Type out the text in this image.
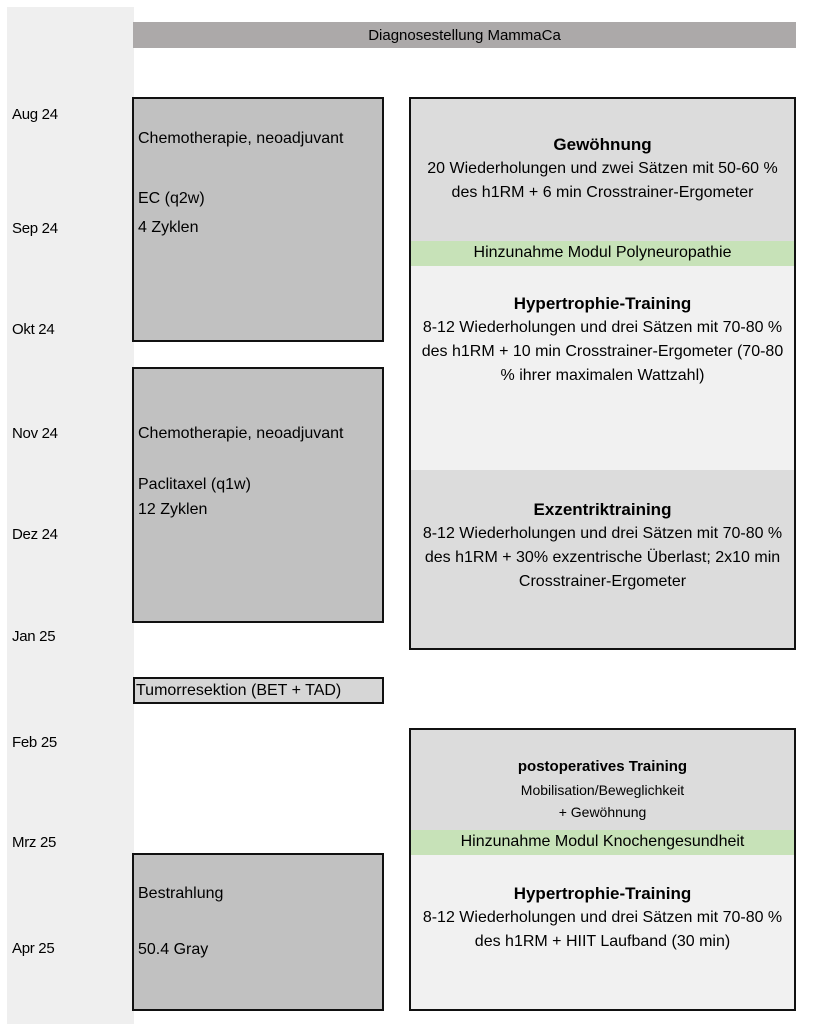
Aug 24
Sep 24
Okt 24
Nov 24
Dez 24
Jan 25
Feb 25
Mrz 25
Apr 25
Diagnosestellung MammaCa
Chemotherapie, neoadjuvant
EC (q2w)
4 Zyklen
Chemotherapie, neoadjuvant
Paclitaxel (q1w)
12 Zyklen
Tumorresektion (BET + TAD)
Bestrahlung
50.4 Gray
Gewöhnung
20 Wiederholungen und zwei Sätzen mit 50-60 % des h1RM + 6 min Crosstrainer-Ergometer
Hinzunahme Modul Polyneuropathie
Hypertrophie-Training
8-12 Wiederholungen und drei Sätzen mit 70-80 % des h1RM + 10 min Crosstrainer-Ergometer (70-80 % ihrer maximalen Wattzahl)
Exzentriktraining
8-12 Wiederholungen und drei Sätzen mit 70-80 % des h1RM + 30% exzentrische Überlast; 2x10 min Crosstrainer-Ergometer
postoperatives Training
Mobilisation/Beweglichkeit
+ Gewöhnung
Hinzunahme Modul Knochengesundheit
Hypertrophie-Training
8-12 Wiederholungen und drei Sätzen mit 70-80 % des h1RM + HIIT Laufband (30 min)
